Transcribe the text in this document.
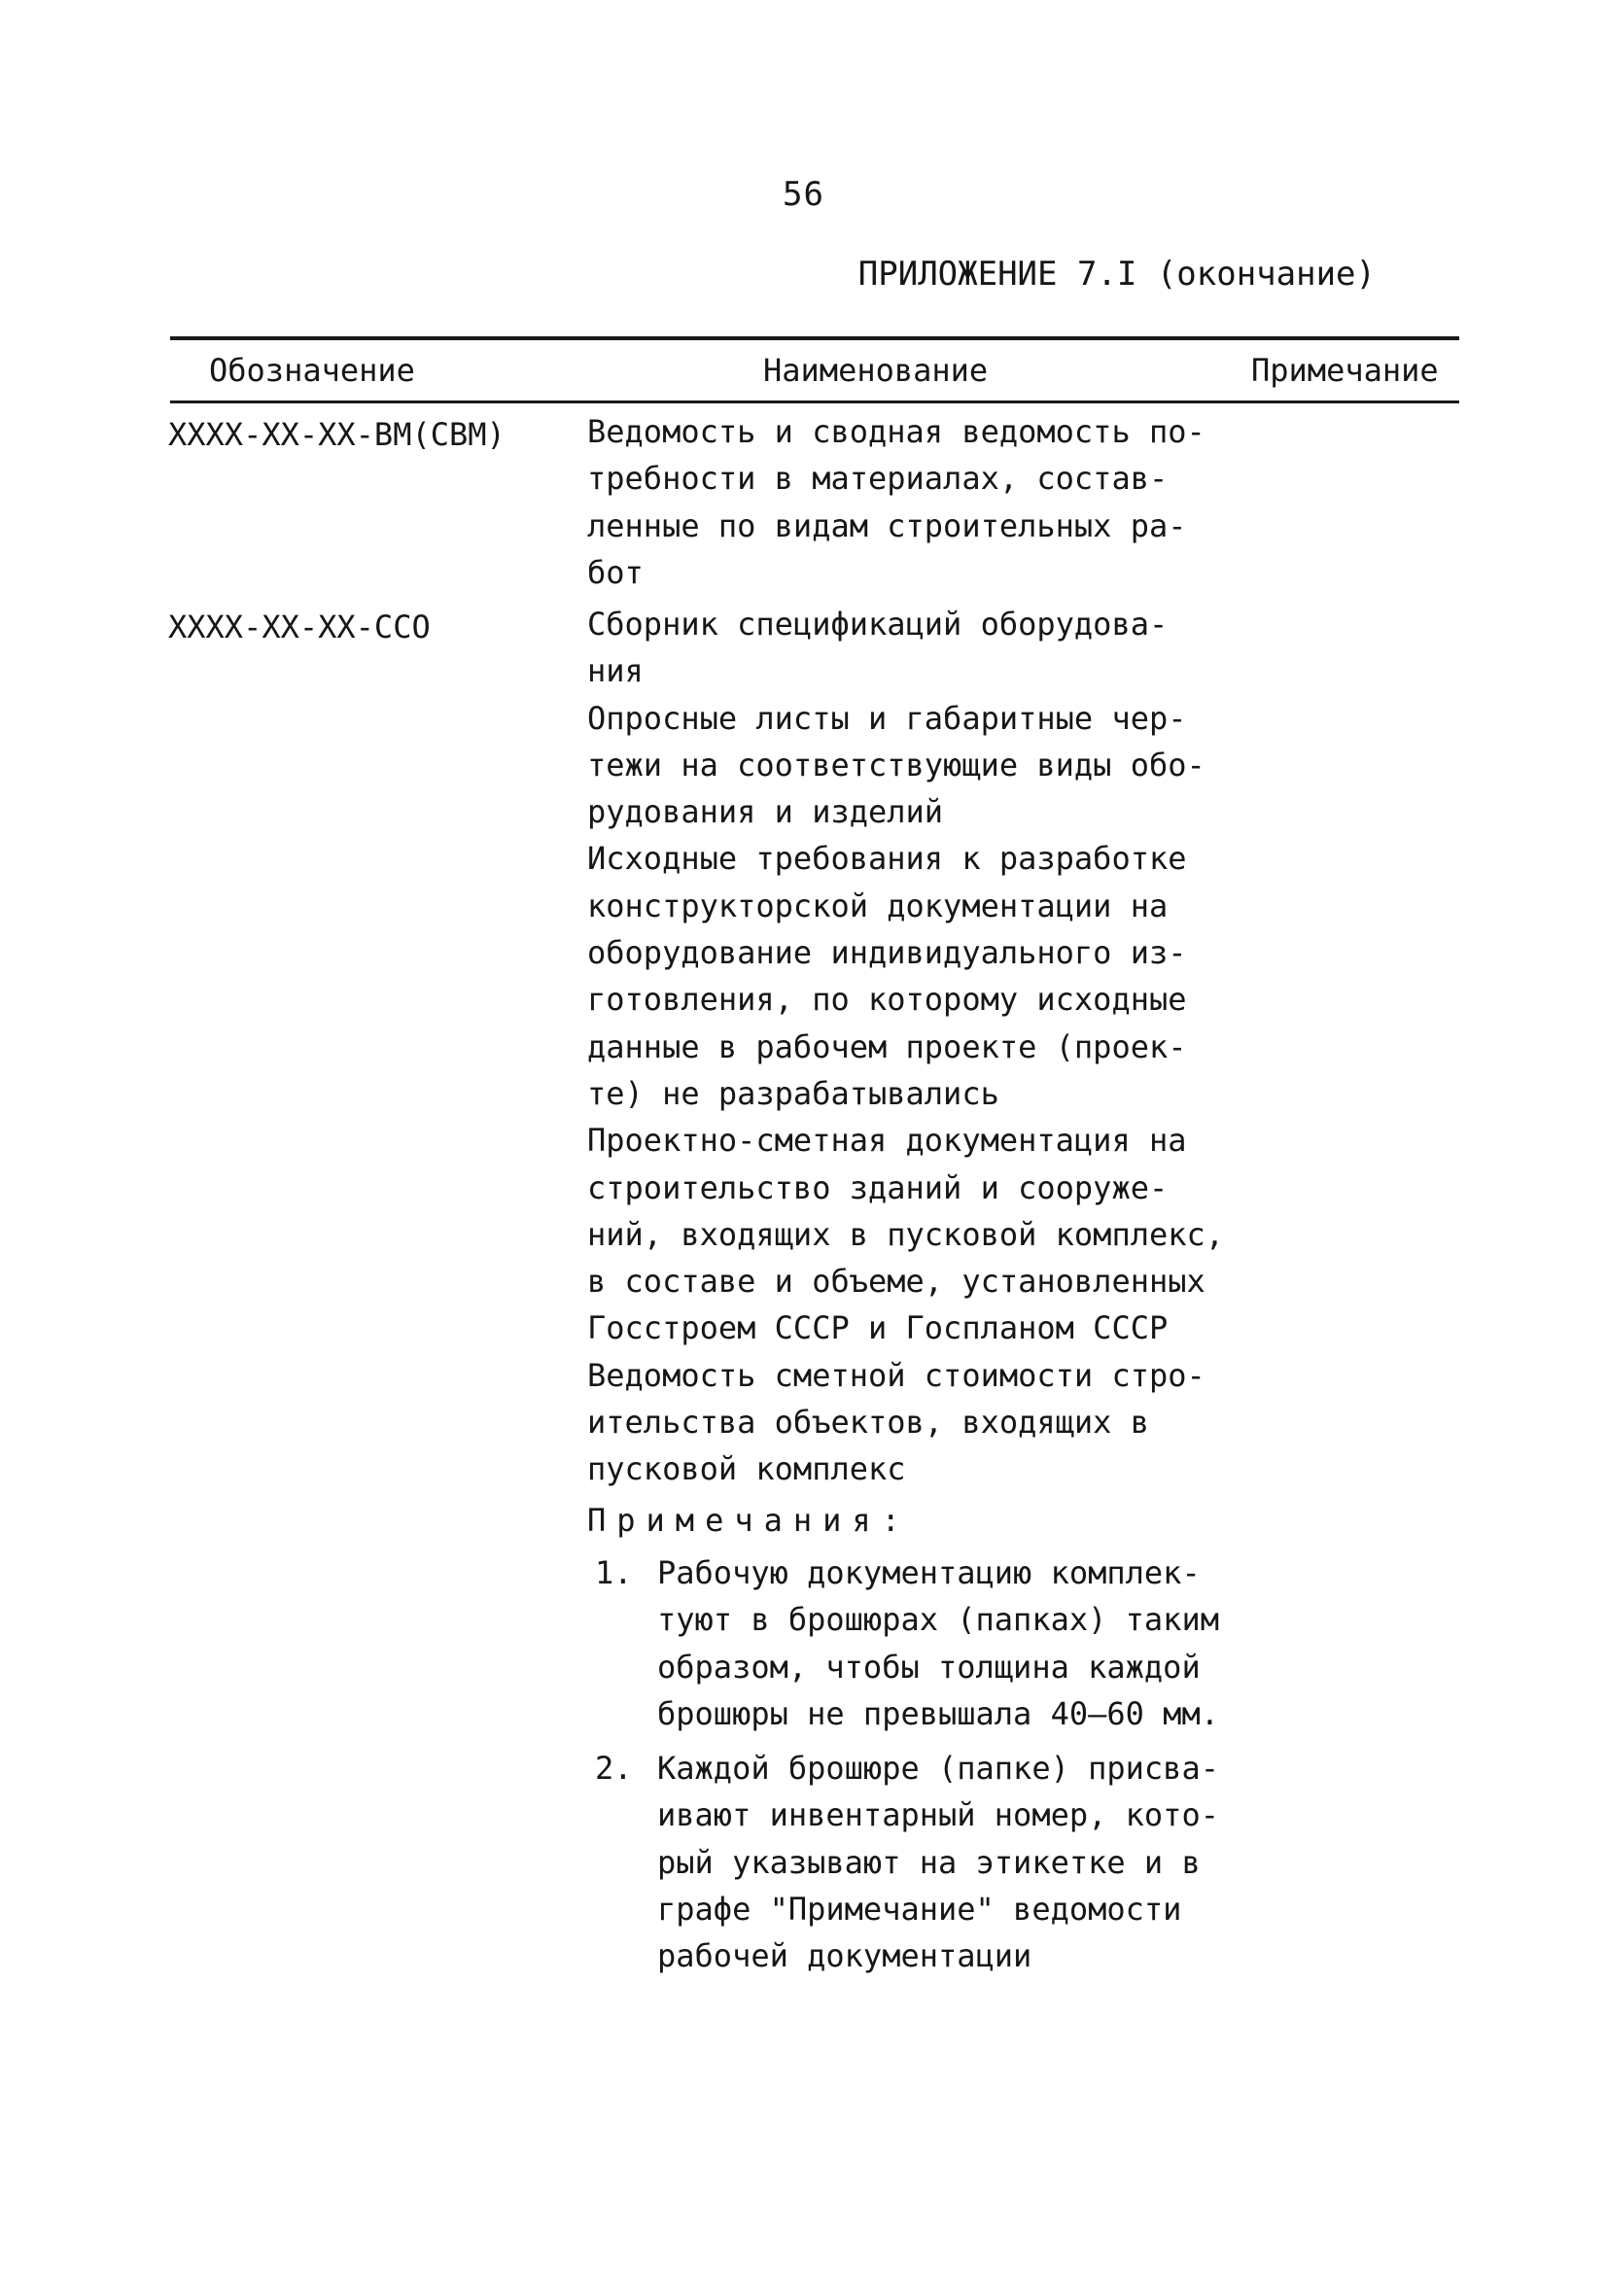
56
ПРИЛОЖЕНИЕ 7.I (окончание)
Обозначение	Наименование	Примечание
XXXX-XX-XX-BM(CBM)	Ведомость и сводная ведомость по-
требности в материалах, состав-
ленные по видам строительных ра-
бот
XXXX-XX-XX-CCO	Сборник спецификаций оборудова-
ния
Опросные листы и габаритные чер-
тежи на соответствующие виды обо-
рудования и изделий
Исходные требования к разработке
конструкторской документации на
оборудование индивидуального из-
готовления, по которому исходные
данные в рабочем проекте (проек-
те) не разрабатывались
Проектно-сметная документация на
строительство зданий и сооруже-
ний, входящих в пусковой комплекс,
в составе и объеме, установленных
Госстроем СССР и Госпланом СССР
Ведомость сметной стоимости стро-
ительства объектов, входящих в
пусковой комплекс
Примечания:
1. Рабочую документацию комплек-
туют в брошюрах (папках) таким
образом, чтобы толщина каждой
брошюры не превышала 40–60 мм.
2. Каждой брошюре (папке) присва-
ивают инвентарный номер, кото-
рый указывают на этикетке и в
графе "Примечание" ведомости
рабочей документации
